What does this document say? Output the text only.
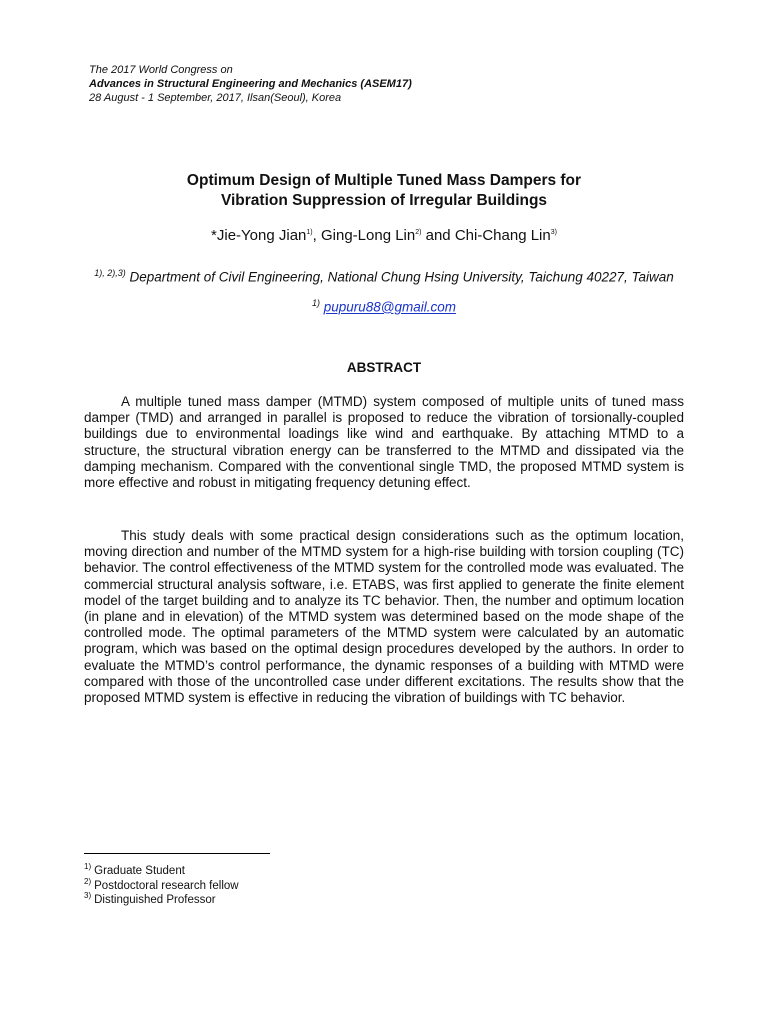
The 2017 World Congress on
Advances in Structural Engineering and Mechanics (ASEM17)
28 August - 1 September, 2017, Ilsan(Seoul), Korea
Optimum Design of Multiple Tuned Mass Dampers for
Vibration Suppression of Irregular Buildings
*Jie-Yong Jian$^{1)}$, Ging-Long Lin$^{2)}$ and Chi-Chang Lin$^{3)}$
$^{1), 2),3)}$ Department of Civil Engineering, National Chung Hsing University, Taichung 40227, Taiwan
$^{1)}$ pupuru88@gmail.com
ABSTRACT

A multiple tuned mass damper (MTMD) system composed of multiple units of tuned mass damper (TMD) and arranged in parallel is proposed to reduce the vibration of torsionally-coupled buildings due to environmental loadings like wind and earthquake. By attaching MTMD to a structure, the structural vibration energy can be transferred to the MTMD and dissipated via the damping mechanism. Compared with the conventional single TMD, the proposed MTMD system is more effective and robust in mitigating frequency detuning effect.

This study deals with some practical design considerations such as the optimum location, moving direction and number of the MTMD system for a high-rise building with torsion coupling (TC) behavior. The control effectiveness of the MTMD system for the controlled mode was evaluated. The commercial structural analysis software, i.e. ETABS, was first applied to generate the finite element model of the target building and to analyze its TC behavior. Then, the number and optimum location (in plane and in elevation) of the MTMD system was determined based on the mode shape of the controlled mode. The optimal parameters of the MTMD system were calculated by an automatic program, which was based on the optimal design procedures developed by the authors. In order to evaluate the MTMD’s control performance, the dynamic responses of a building with MTMD were compared with those of the uncontrolled case under different excitations. The results show that the proposed MTMD system is effective in reducing the vibration of buildings with TC behavior.

$^{1)}$ Graduate Student
$^{2)}$ Postdoctoral research fellow
$^{3)}$ Distinguished Professor
